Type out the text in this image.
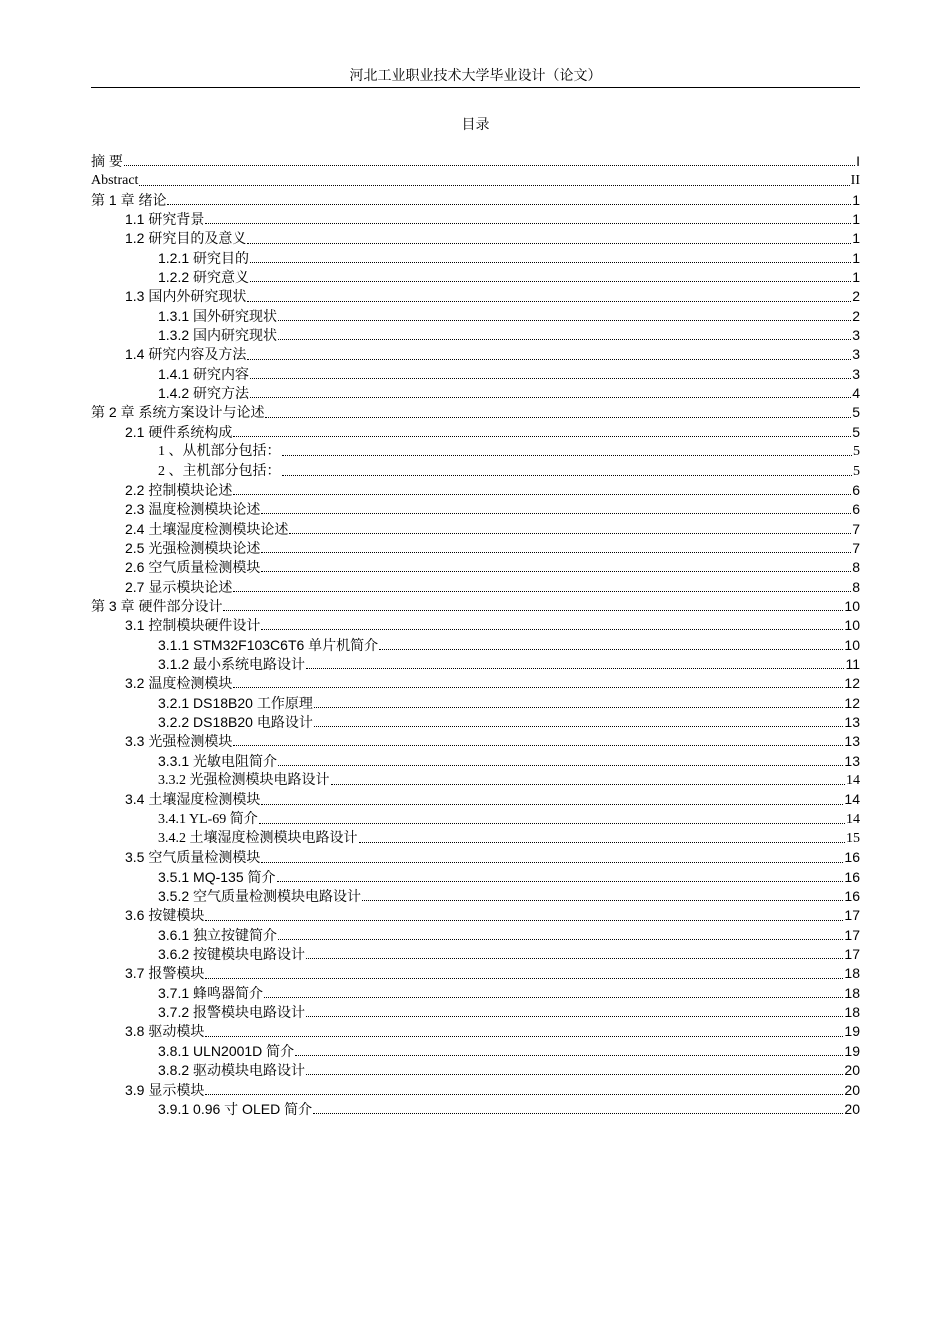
河北工业职业技术大学毕业设计（论文）
目录
摘 要	I
Abstract	II
第 1 章 绪论	1
1.1 研究背景	1
1.2 研究目的及意义	1
1.2.1 研究目的	1
1.2.2 研究意义	1
1.3 国内外研究现状	2
1.3.1 国外研究现状	2
1.3.2 国内研究现状	3
1.4 研究内容及方法	3
1.4.1 研究内容	3
1.4.2 研究方法	4
第 2 章 系统方案设计与论述	5
2.1 硬件系统构成	5
1 、从机部分包括：	5
2 、主机部分包括：	5
2.2 控制模块论述	6
2.3 温度检测模块论述	6
2.4 土壤湿度检测模块论述	7
2.5 光强检测模块论述	7
2.6 空气质量检测模块	8
2.7 显示模块论述	8
第 3 章 硬件部分设计	10
3.1 控制模块硬件设计	10
3.1.1 STM32F103C6T6 单片机简介	10
3.1.2 最小系统电路设计	11
3.2 温度检测模块	12
3.2.1 DS18B20 工作原理	12
3.2.2 DS18B20 电路设计	13
3.3 光强检测模块	13
3.3.1 光敏电阻简介	13
3.3.2 光强检测模块电路设计	14
3.4 土壤湿度检测模块	14
3.4.1 YL-69 简介	14
3.4.2 土壤湿度检测模块电路设计	15
3.5 空气质量检测模块	16
3.5.1 MQ-135 简介	16
3.5.2 空气质量检测模块电路设计	16
3.6 按键模块	17
3.6.1 独立按键简介	17
3.6.2 按键模块电路设计	17
3.7 报警模块	18
3.7.1 蜂鸣器简介	18
3.7.2 报警模块电路设计	18
3.8 驱动模块	19
3.8.1 ULN2001D 简介	19
3.8.2 驱动模块电路设计	20
3.9 显示模块	20
3.9.1 0.96 寸 OLED 简介	20
